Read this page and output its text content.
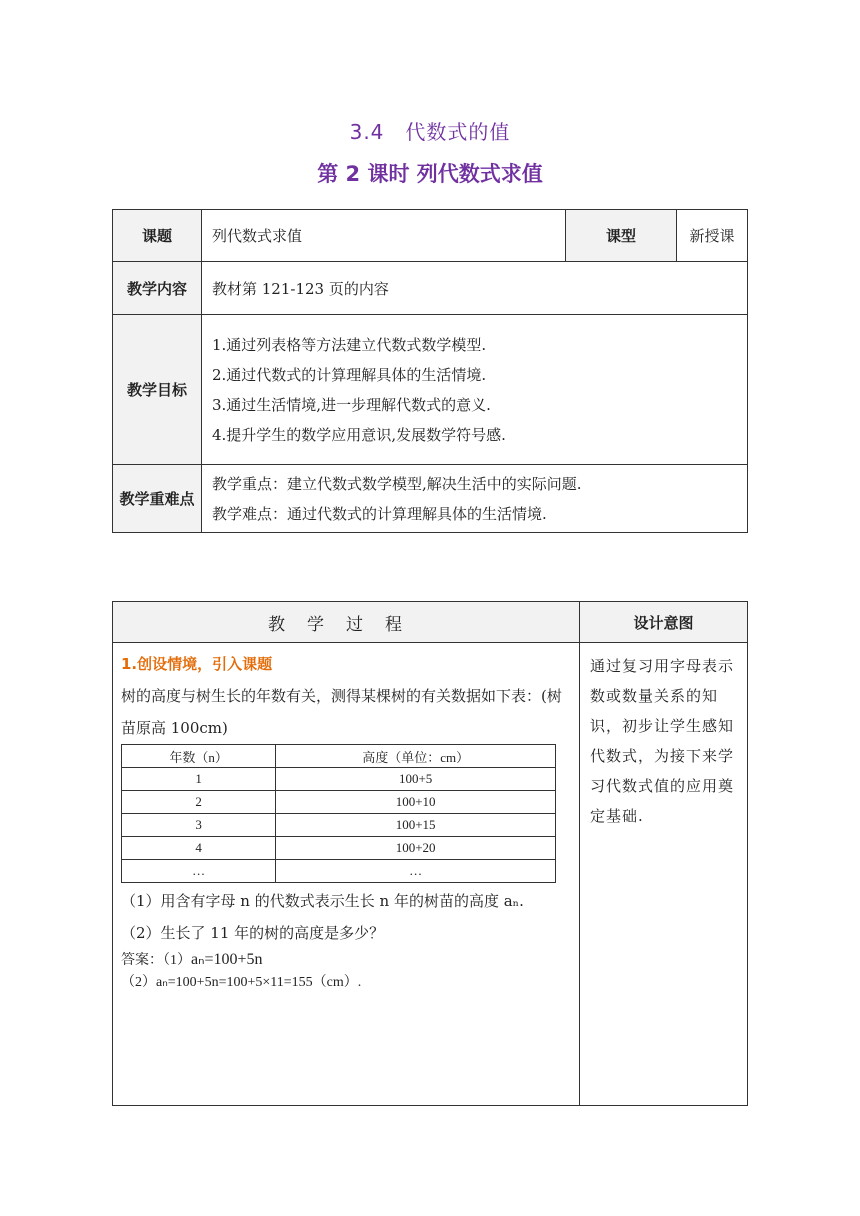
3.4　代数式的值
第 2 课时 列代数式求值
课题	列代数式求值	课型	新授课
教学内容	教材第 121-123 页的内容		
教学目标	1.通过列表格等方法建立代数式数学模型.
2.通过代数式的计算理解具体的生活情境.
3.通过生活情境,进一步理解代数式的意义.
4.提升学生的数学应用意识,发展数学符号感.		

教学重难点	教学重点：建立代数式数学模型,解决生活中的实际问题.
教学难点：通过代数式的计算理解具体的生活情境.		
教学过程	设计意图

1.创设情境，引入课题
树的高度与树生长的年数有关，测得某棵树的有关数据如下表：(树苗原高 100cm)
年数（n）	高度（单位：cm）
1	100+5
2	100+10
3	100+15
4	100+20
…	…
（1）用含有字母 n 的代数式表示生长 n 年的树苗的高度 aₙ.
（2）生长了 11 年的树的高度是多少？
答案：（1）aₙ=100+5n
（2）aₙ=100+5n=100+5×11=155（cm）.
	通过复习用字母表示数或数量关系的知识，初步让学生感知代数式，为接下来学习代数式值的应用奠定基础.
